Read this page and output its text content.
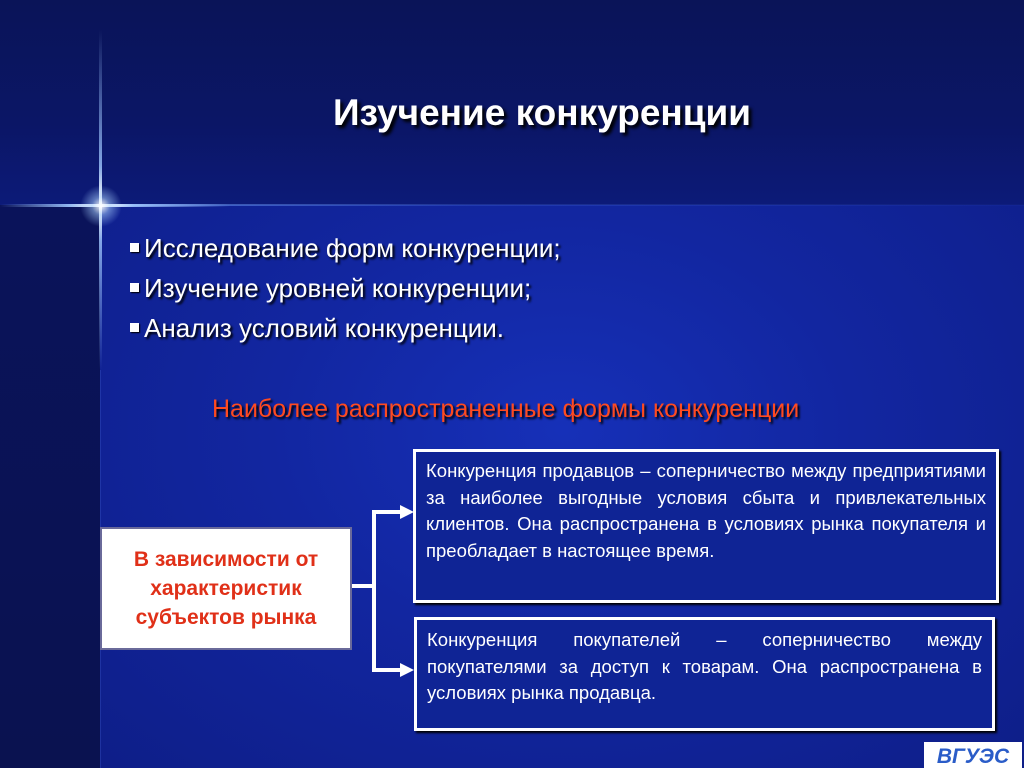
Изучение конкуренции
Исследование форм конкуренции;
Изучение уровней конкуренции;
Анализ условий конкуренции.
Наиболее распространенные формы конкуренции
В зависимости от
характеристик
субъектов рынка
Конкуренция продавцов – соперничество между предприятиями за наиболее выгодные условия сбыта и привлекательных клиентов. Она распространена в условиях рынка покупателя и преобладает в настоящее время.
Конкуренция покупателей – соперничество между покупателями за доступ к товарам. Она распространена в условиях рынка продавца.
ВГУЭС
